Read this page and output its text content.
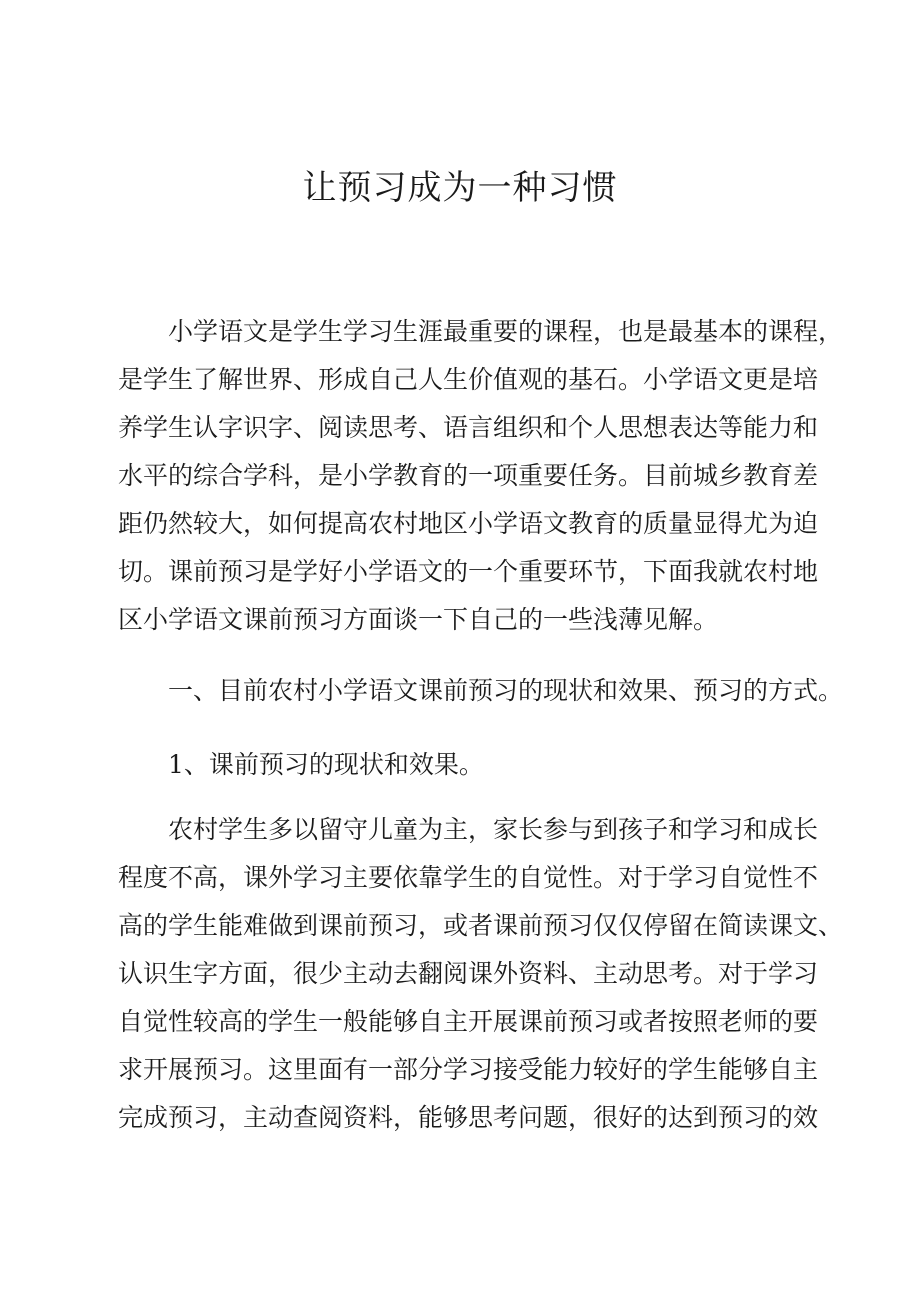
让预习成为一种习惯

小学语文是学生学习生涯最重要的课程，也是最基本的课程，

是学生了解世界、形成自己人生价值观的基石。小学语文更是培

养学生认字识字、阅读思考、语言组织和个人思想表达等能力和

水平的综合学科，是小学教育的一项重要任务。目前城乡教育差

距仍然较大，如何提高农村地区小学语文教育的质量显得尤为迫

切。课前预习是学好小学语文的一个重要环节，下面我就农村地

区小学语文课前预习方面谈一下自己的一些浅薄见解。

一、目前农村小学语文课前预习的现状和效果、预习的方式。

1、课前预习的现状和效果。

农村学生多以留守儿童为主，家长参与到孩子和学习和成长

程度不高，课外学习主要依靠学生的自觉性。对于学习自觉性不

高的学生能难做到课前预习，或者课前预习仅仅停留在简读课文、

认识生字方面，很少主动去翻阅课外资料、主动思考。对于学习

自觉性较高的学生一般能够自主开展课前预习或者按照老师的要

求开展预习。这里面有一部分学习接受能力较好的学生能够自主

完成预习，主动查阅资料，能够思考问题，很好的达到预习的效
